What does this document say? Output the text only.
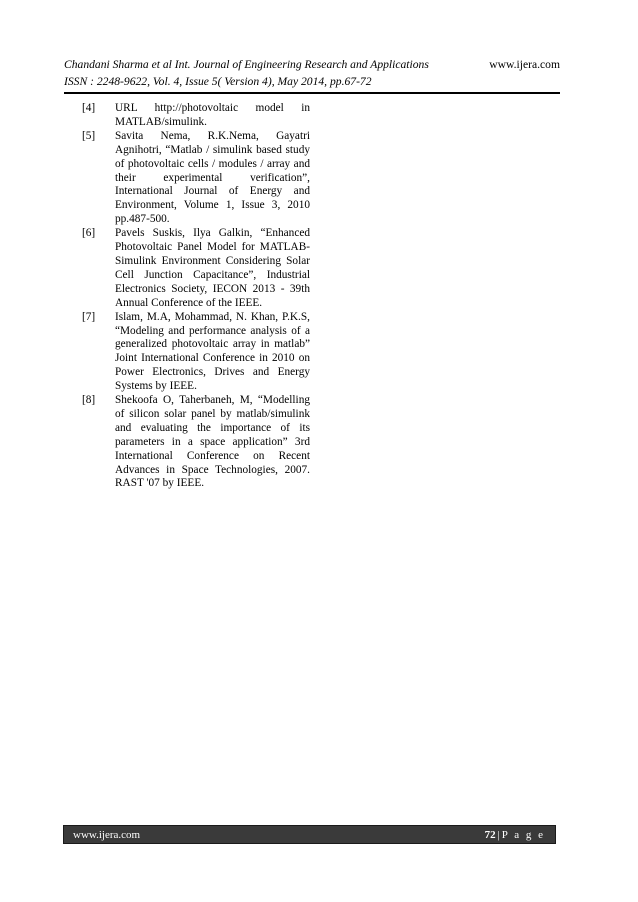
Chandani Sharma et al Int. Journal of Engineering Research and Applications
ISSN : 2248-9622, Vol. 4, Issue 5( Version 4), May 2014, pp.67-72
www.ijera.com
[4] URL http://photovoltaic model in MATLAB/simulink.
[5] Savita Nema, R.K.Nema, Gayatri Agnihotri, “Matlab / simulink based study of photovoltaic cells / modules / array and their experimental verification”, International Journal of Energy and Environment, Volume 1, Issue 3, 2010 pp.487-500.
[6] Pavels Suskis, Ilya Galkin, “Enhanced Photovoltaic Panel Model for MATLAB-Simulink Environment Considering Solar Cell Junction Capacitance”, Industrial Electronics Society, IECON 2013 - 39th Annual Conference of the IEEE.
[7] Islam, M.A, Mohammad, N. Khan, P.K.S, “Modeling and performance analysis of a generalized photovoltaic array in matlab” Joint International Conference in 2010 on Power Electronics, Drives and Energy Systems by IEEE.
[8] Shekoofa O, Taherbaneh, M, “Modelling of silicon solar panel by matlab/simulink and evaluating the importance of its parameters in a space application” 3rd International Conference on Recent Advances in Space Technologies, 2007. RAST '07 by IEEE.
www.ijera.com	72 | P a g e
